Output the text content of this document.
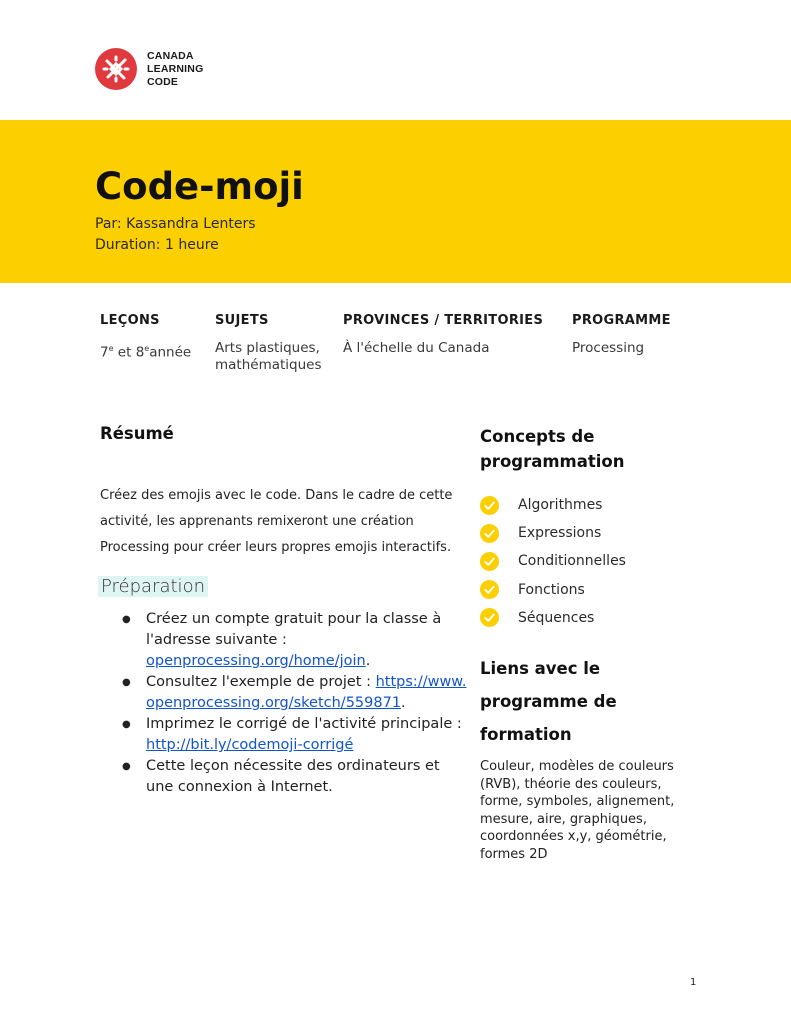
CANADA
LEARNING
CODE
Code-moji
Par: Kassandra Lenters
Duration: 1 heure
LEÇONS
7e et 8eannée
SUJETS
Arts plastiques,
mathématiques
PROVINCES / TERRITORIES
À l'échelle du Canada
PROGRAMME
Processing
Résumé

Créez des emojis avec le code. Dans le cadre de cette activité, les apprenants remixeront une création Processing pour créer leurs propres emojis interactifs.

Préparation
● Créez un compte gratuit pour la classe à l'adresse suivante : openprocessing.org/home/join.
● Consultez l'exemple de projet : https://www.openprocessing.org/sketch/559871.
● Imprimez le corrigé de l'activité principale : http://bit.ly/codemoji-corrigé
● Cette leçon nécessite des ordinateurs et une connexion à Internet.
Concepts de
programmation
Algorithmes
Expressions
Conditionnelles
Fonctions
Séquences
Liens avec le
programme de
formation
Couleur, modèles de couleurs (RVB), théorie des couleurs, forme, symboles, alignement, mesure, aire, graphiques, coordonnées x,y, géométrie, formes 2D
1
